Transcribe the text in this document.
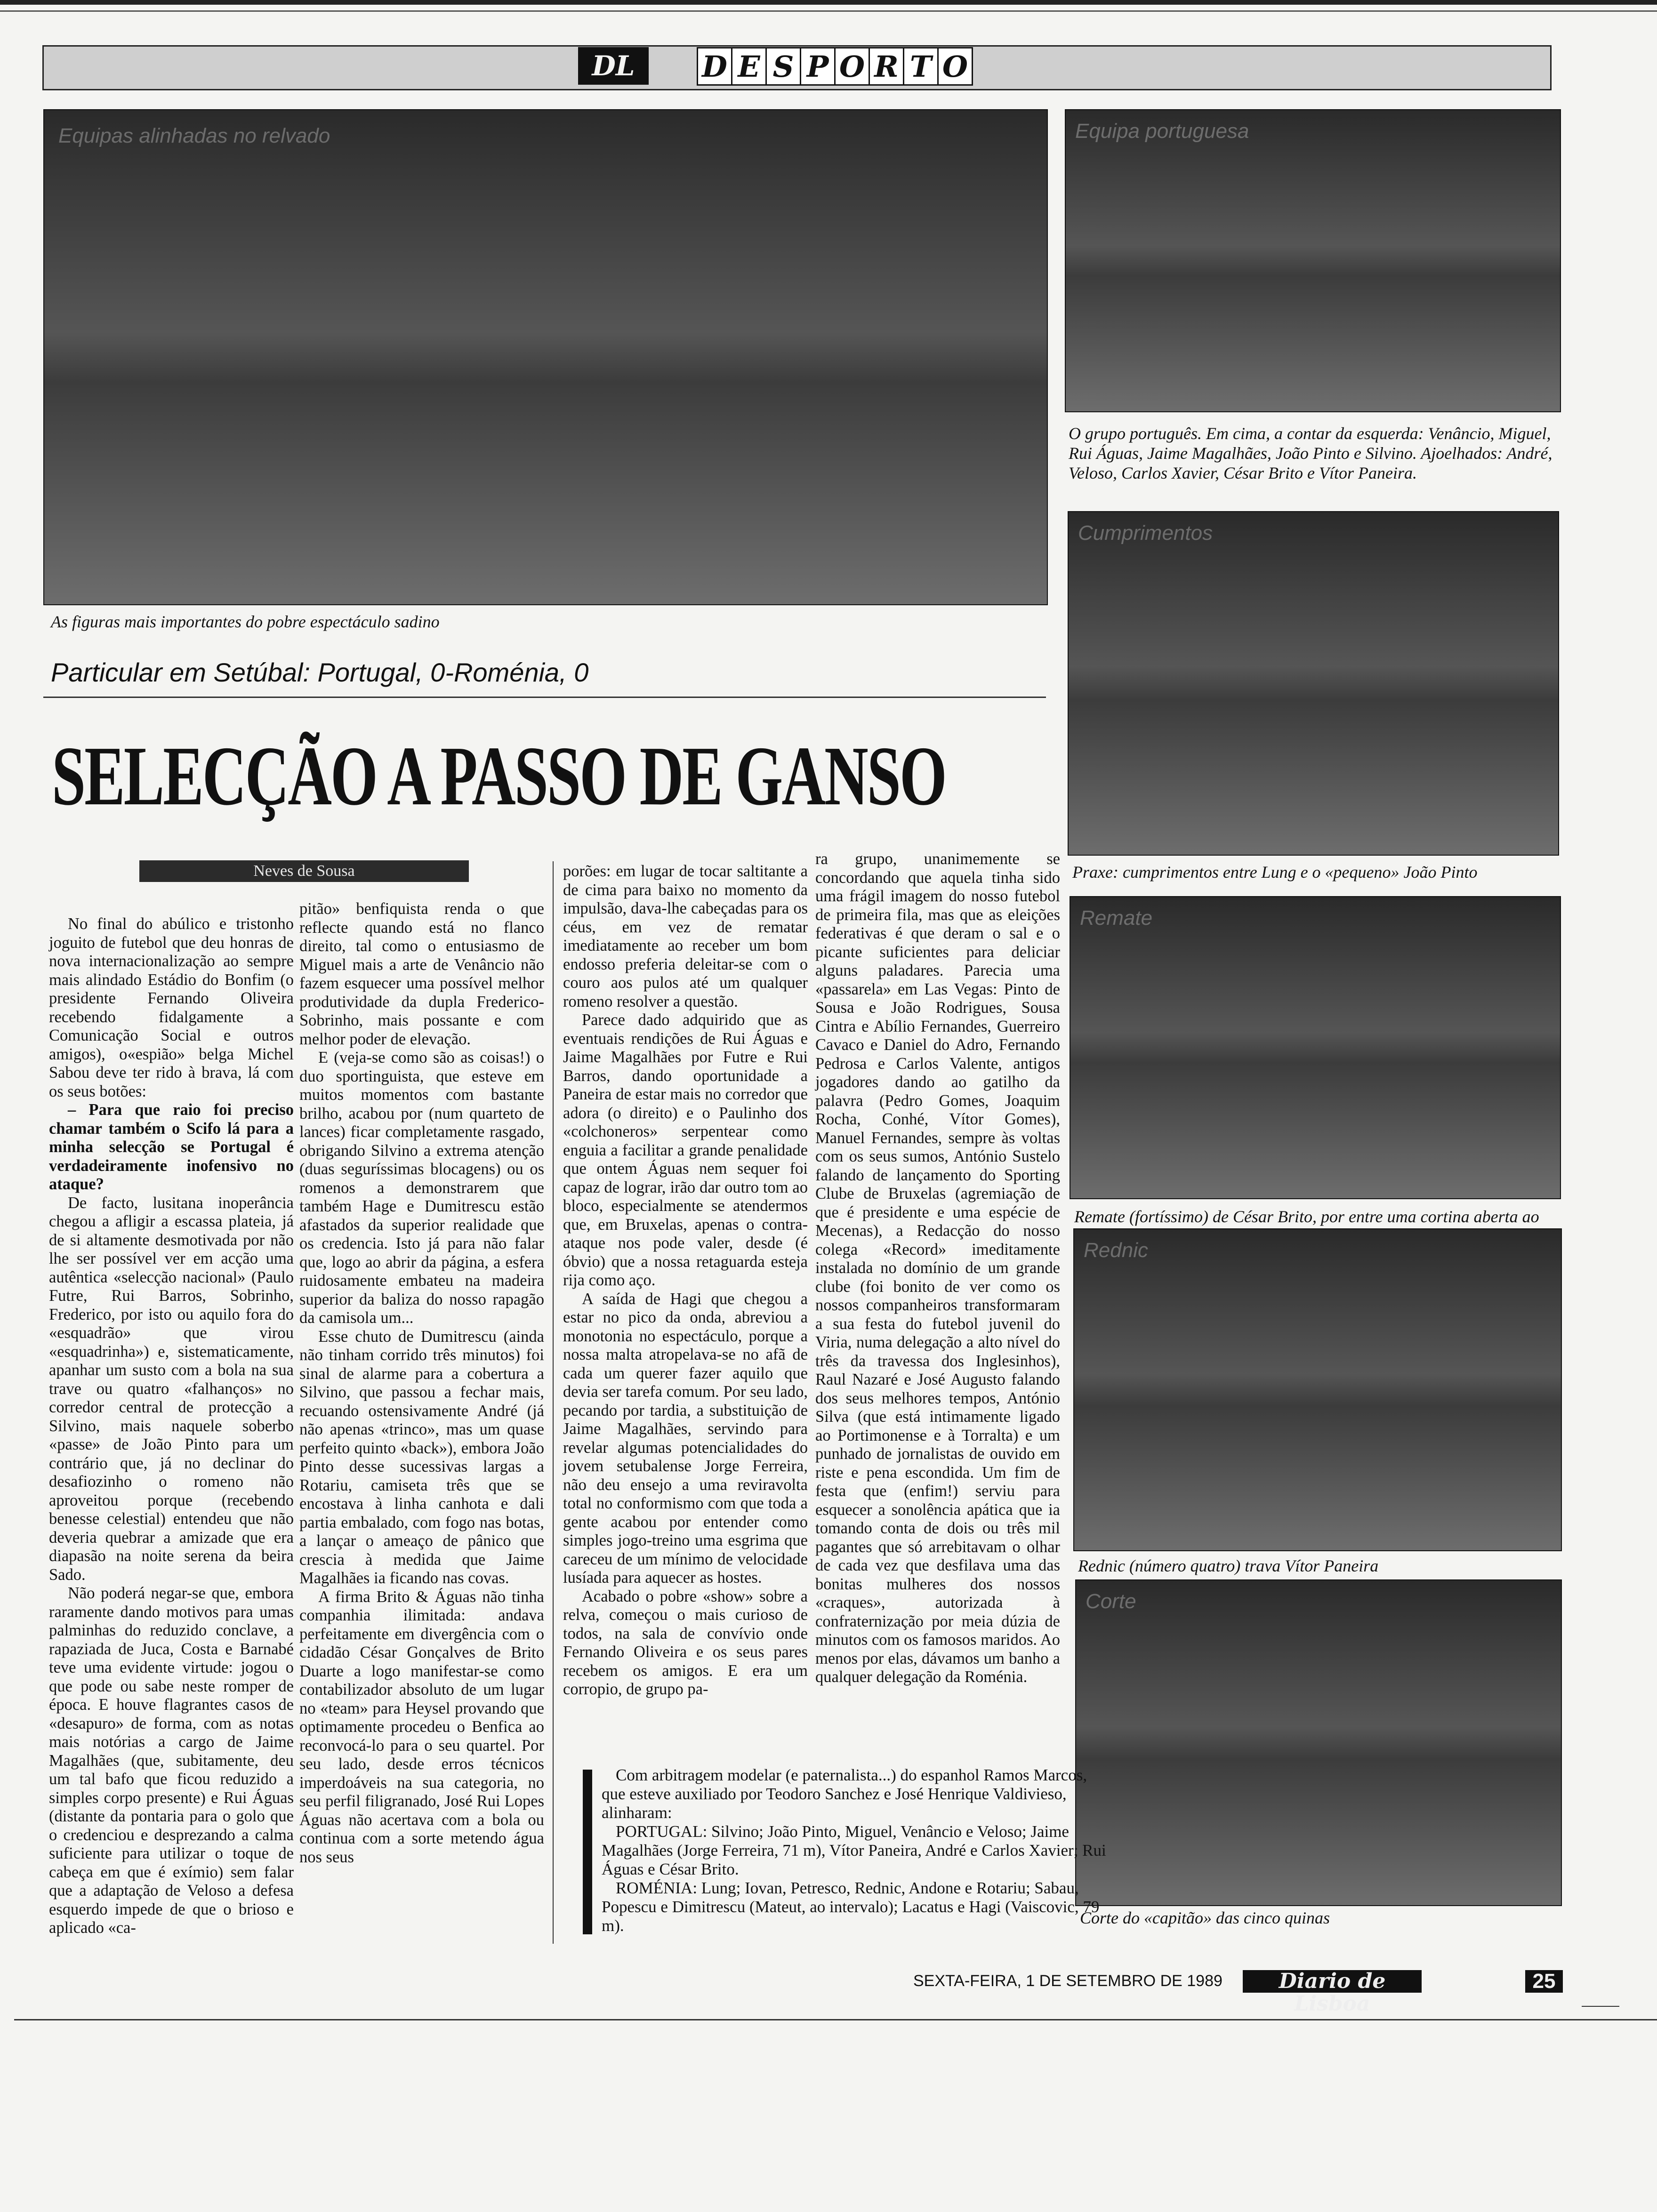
DL	D E S P O R T O
Equipas alinhadas no relvado
As figuras mais importantes do pobre espectáculo sadino
Equipa portuguesa
O grupo português. Em cima, a contar da esquerda: Venâncio, Miguel, Rui Águas, Jaime Magalhães, João Pinto e Silvino. Ajoelhados: André, Veloso, Carlos Xavier, César Brito e Vítor Paneira.
Cumprimentos
Praxe: cumprimentos entre Lung e o «pequeno» João Pinto
Remate
Remate (fortíssimo) de César Brito, por entre uma cortina aberta ao
Rednic
Rednic (número quatro) trava Vítor Paneira
Corte
Corte do «capitão» das cinco quinas
Particular em Setúbal: Portugal, 0-Roménia, 0
SELECÇÃO A PASSO DE GANSO
Neves de Sousa

No final do abúlico e tristonho joguito de futebol que deu honras de nova internacionalização ao sempre mais alindado Estádio do Bonfim (o presidente Fernando Oliveira recebendo fidalgamente a Comunicação Social e outros amigos), o«espião» belga Michel Sabou deve ter rido à brava, lá com os seus botões:

– Para que raio foi preciso chamar também o Scifo lá para a minha selecção se Portugal é verdadeiramente inofensivo no ataque?

De facto, lusitana inoperância chegou a afligir a escassa plateia, já de si altamente desmotivada por não lhe ser possível ver em acção uma autêntica «selecção nacional» (Paulo Futre, Rui Barros, Sobrinho, Frederico, por isto ou aquilo fora do «esquadrão» que virou «esquadrinha») e, sistematicamente, apanhar um susto com a bola na sua trave ou quatro «falhanços» no corredor central de protecção a Silvino, mais naquele soberbo «passe» de João Pinto para um contrário que, já no declinar do desafiozinho o romeno não aproveitou porque (recebendo benesse celestial) entendeu que não deveria quebrar a amizade que era diapasão na noite serena da beira Sado.

Não poderá negar-se que, embora raramente dando motivos para umas palminhas do reduzido conclave, a rapaziada de Juca, Costa e Barnabé teve uma evidente virtude: jogou o que pode ou sabe neste romper de época. E houve flagrantes casos de «desapuro» de forma, com as notas mais notórias a cargo de Jaime Magalhães (que, subitamente, deu um tal bafo que ficou reduzido a simples corpo presente) e Rui Águas (distante da pontaria para o golo que o credenciou e desprezando a calma suficiente para utilizar o toque de cabeça em que é exímio) sem falar que a adaptação de Veloso a defesa esquerdo impede de que o brioso e aplicado «ca-

pitão» benfiquista renda o que reflecte quando está no flanco direito, tal como o entusiasmo de Miguel mais a arte de Venâncio não fazem esquecer uma possível melhor produtividade da dupla Frederico-Sobrinho, mais possante e com melhor poder de elevação.

E (veja-se como são as coisas!) o duo sportinguista, que esteve em muitos momentos com bastante brilho, acabou por (num quarteto de lances) ficar completamente rasgado, obrigando Silvino a extrema atenção (duas seguríssimas blocagens) ou os romenos a demonstrarem que também Hage e Dumitrescu estão afastados da superior realidade que os credencia. Isto já para não falar que, logo ao abrir da página, a esfera ruidosamente embateu na madeira superior da baliza do nosso rapagão da camisola um...

Esse chuto de Dumitrescu (ainda não tinham corrido três minutos) foi sinal de alarme para a cobertura a Silvino, que passou a fechar mais, recuando ostensivamente André (já não apenas «trinco», mas um quase perfeito quinto «back»), embora João Pinto desse sucessivas largas a Rotariu, camiseta três que se encostava à linha canhota e dali partia embalado, com fogo nas botas, a lançar o ameaço de pânico que crescia à medida que Jaime Magalhães ia ficando nas covas.

A firma Brito & Águas não tinha companhia ilimitada: andava perfeitamente em divergência com o cidadão César Gonçalves de Brito Duarte a logo manifestar-se como contabilizador absoluto de um lugar no «team» para Heysel provando que optimamente procedeu o Benfica ao reconvocá-lo para o seu quartel. Por seu lado, desde erros técnicos imperdoáveis na sua categoria, no seu perfil filigranado, José Rui Lopes Águas não acertava com a bola ou continua com a sorte metendo água nos seus

porões: em lugar de tocar saltitante a de cima para baixo no momento da impulsão, dava-lhe cabeçadas para os céus, em vez de rematar imediatamente ao receber um bom endosso preferia deleitar-se com o couro aos pulos até um qualquer romeno resolver a questão.

Parece dado adquirido que as eventuais rendições de Rui Águas e Jaime Magalhães por Futre e Rui Barros, dando oportunidade a Paneira de estar mais no corredor que adora (o direito) e o Paulinho dos «colchoneros» serpentear como enguia a facilitar a grande penalidade que ontem Águas nem sequer foi capaz de lograr, irão dar outro tom ao bloco, especialmente se atendermos que, em Bruxelas, apenas o contra-ataque nos pode valer, desde (é óbvio) que a nossa retaguarda esteja rija como aço.

A saída de Hagi que chegou a estar no pico da onda, abreviou a monotonia no espectáculo, porque a nossa malta atropelava-se no afã de cada um querer fazer aquilo que devia ser tarefa comum. Por seu lado, pecando por tardia, a substituição de Jaime Magalhães, servindo para revelar algumas potencialidades do jovem setubalense Jorge Ferreira, não deu ensejo a uma reviravolta total no conformismo com que toda a gente acabou por entender como simples jogo-treino uma esgrima que careceu de um mínimo de velocidade lusíada para aquecer as hostes.

Acabado o pobre «show» sobre a relva, começou o mais curioso de todos, na sala de convívio onde Fernando Oliveira e os seus pares recebem os amigos. E era um corropio, de grupo pa-

ra grupo, unanimemente se concordando que aquela tinha sido uma frágil imagem do nosso futebol de primeira fila, mas que as eleições federativas é que deram o sal e o picante suficientes para deliciar alguns paladares. Parecia uma «passarela» em Las Vegas: Pinto de Sousa e João Rodrigues, Sousa Cintra e Abílio Fernandes, Guerreiro Cavaco e Daniel do Adro, Fernando Pedrosa e Carlos Valente, antigos jogadores dando ao gatilho da palavra (Pedro Gomes, Joaquim Rocha, Conhé, Vítor Gomes), Manuel Fernandes, sempre às voltas com os seus sumos, António Sustelo falando de lançamento do Sporting Clube de Bruxelas (agremiação de que é presidente e uma espécie de Mecenas), a Redacção do nosso colega «Record» imeditamente instalada no domínio de um grande clube (foi bonito de ver como os nossos companheiros transformaram a sua festa do futebol juvenil do Viria, numa delegação a alto nível do três da travessa dos Inglesinhos), Raul Nazaré e José Augusto falando dos seus melhores tempos, António Silva (que está intimamente ligado ao Portimonense e à Torralta) e um punhado de jornalistas de ouvido em riste e pena escondida. Um fim de festa que (enfim!) serviu para esquecer a sonolência apática que ia tomando conta de dois ou três mil pagantes que só arrebitavam o olhar de cada vez que desfilava uma das bonitas mulheres dos nossos «craques», autorizada à confraternização por meia dúzia de minutos com os famosos maridos. Ao menos por elas, dávamos um banho a qualquer delegação da Roménia.

Com arbitragem modelar (e paternalista...) do espanhol Ramos Marcos, que esteve auxiliado por Teodoro Sanchez e José Henrique Valdivieso, alinharam:

PORTUGAL: Silvino; João Pinto, Miguel, Venâncio e Veloso; Jaime Magalhães (Jorge Ferreira, 71 m), Vítor Paneira, André e Carlos Xavier; Rui Águas e César Brito.

ROMÉNIA: Lung; Iovan, Petresco, Rednic, Andone e Rotariu; Sabau, Popescu e Dimitrescu (Mateut, ao intervalo); Lacatus e Hagi (Vaiscovic, 79 m).

SEXTA-FEIRA, 1 DE SETEMBRO DE 1989	Diario de Lisboa
25
